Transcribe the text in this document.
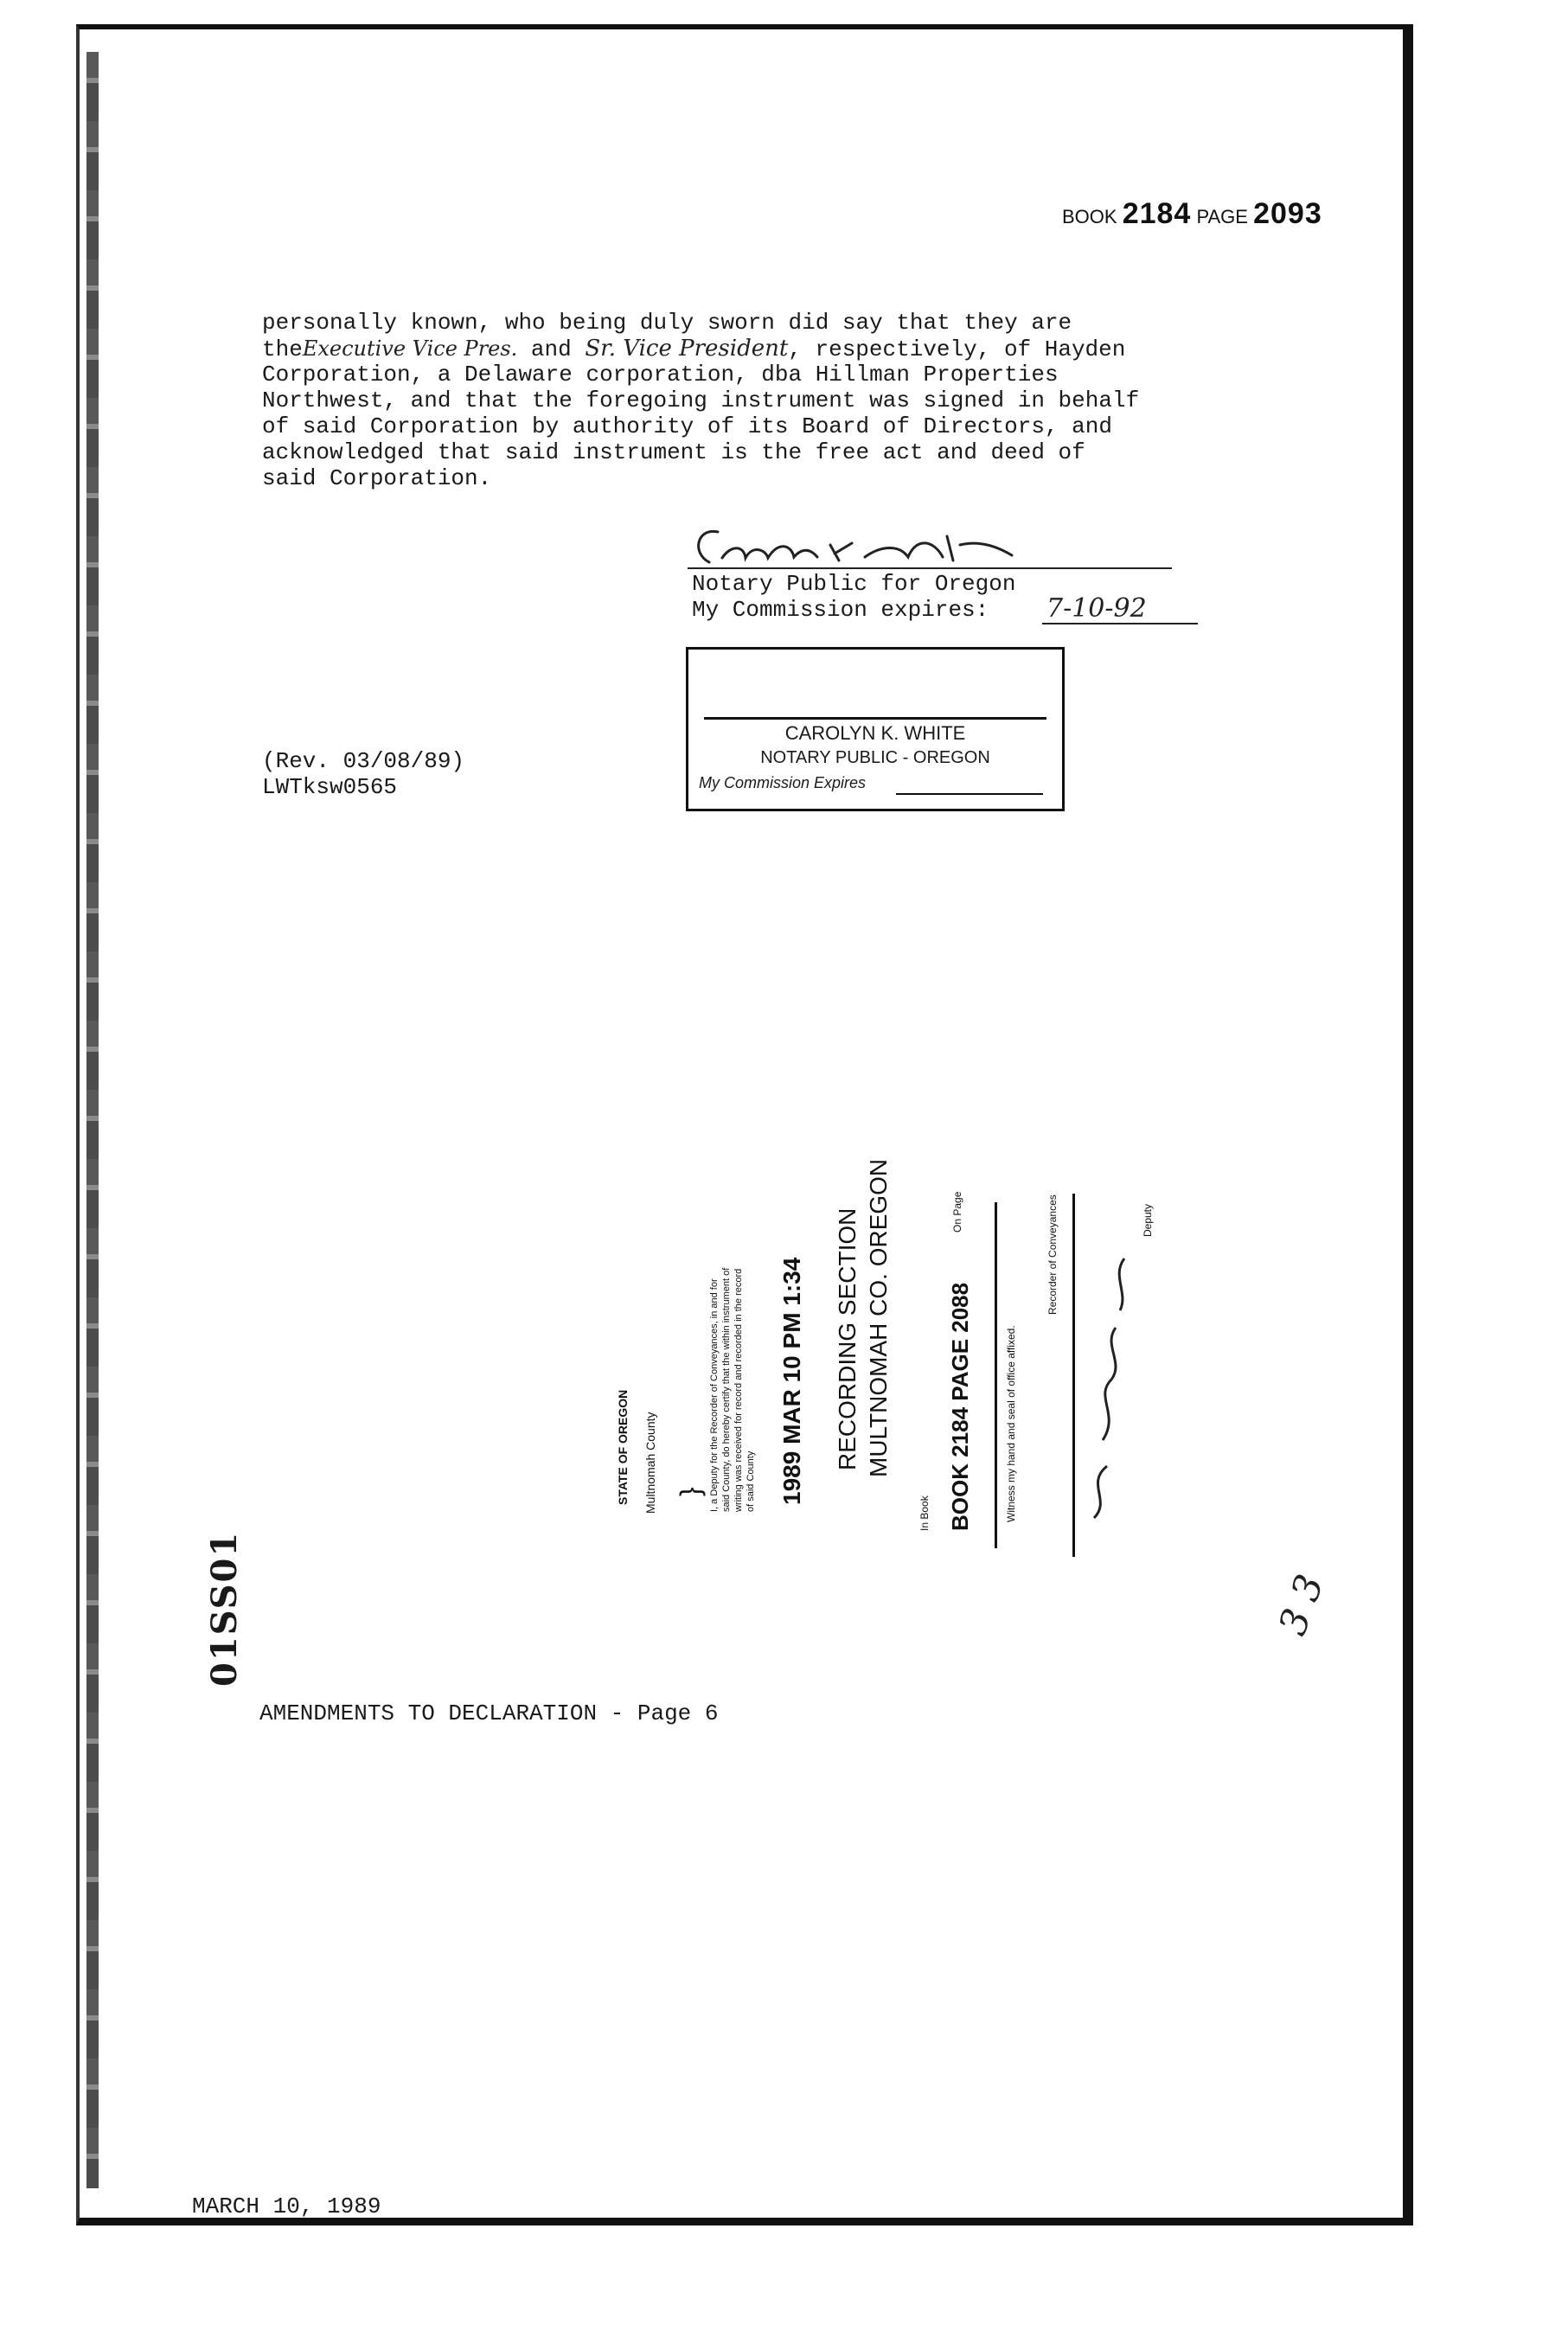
BOOK 2184 PAGE 2093
personally known, who being duly sworn did say that they are
theExecutive Vice Pres. and Sr. Vice President, respectively, of Hayden
Corporation, a Delaware corporation, dba Hillman Properties
Northwest, and that the foregoing instrument was signed in behalf
of said Corporation by authority of its Board of Directors, and
acknowledged that said instrument is the free act and deed of
said Corporation.
Notary Public for Oregon
My Commission expires: 7-10-92
CAROLYN K. WHITE
NOTARY PUBLIC - OREGON
My Commission Expires
(Rev. 03/08/89)
LWTksw0565
STATE OF OREGON Multnomah County } I, a Deputy for the Recorder of Conveyances, in and for said County, do hereby certify that the within instrument of writing was received for record and recorded in the record of said County 1989 MAR 10 PM 1:34 RECORDING SECTION MULTNOMAH CO. OREGON
In Book BOOK 2184 PAGE 2088
On Page
Witness my hand and seal of office affixed.
Recorder of Conveyances	Deputy
01SS01	3 3
AMENDMENTS TO DECLARATION - Page 6
MARCH 10, 1989
